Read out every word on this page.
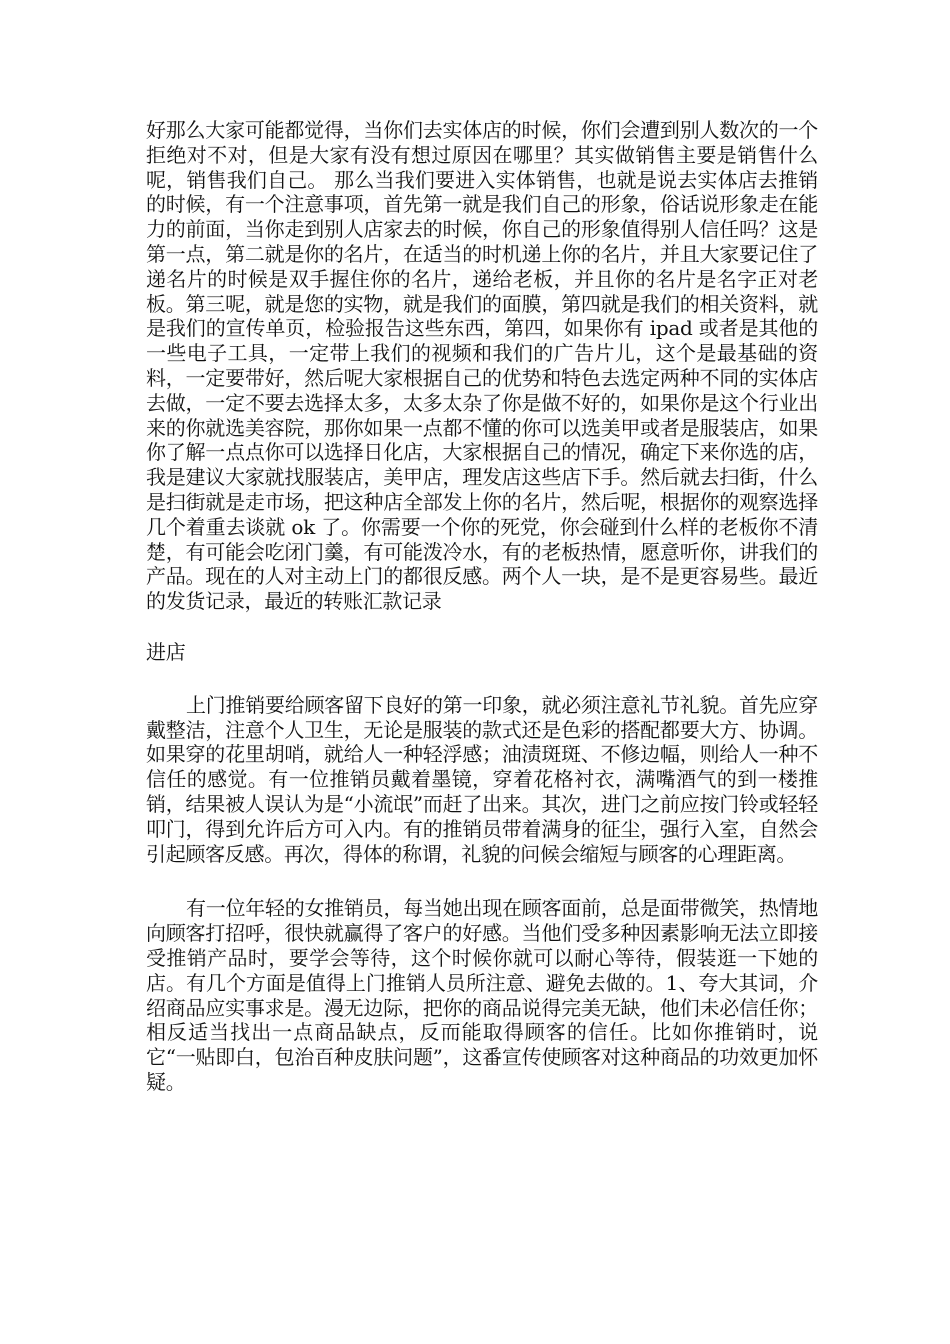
好那么大家可能都觉得，当你们去实体店的时候，你们会遭到别人数次的一个拒绝对不对，但是大家有没有想过原因在哪里？其实做销售主要是销售什么呢，销售我们自己。 那么当我们要进入实体销售，也就是说去实体店去推销的时候，有一个注意事项，首先第一就是我们自己的形象，俗话说形象走在能力的前面，当你走到别人店家去的时候，你自己的形象值得别人信任吗？这是第一点，第二就是你的名片，在适当的时机递上你的名片，并且大家要记住了递名片的时候是双手握住你的名片，递给老板，并且你的名片是名字正对老板。第三呢，就是您的实物，就是我们的面膜，第四就是我们的相关资料，就是我们的宣传单页，检验报告这些东西，第四，如果你有 ipad 或者是其他的一些电子工具，一定带上我们的视频和我们的广告片儿，这个是最基础的资料，一定要带好，然后呢大家根据自己的优势和特色去选定两种不同的实体店去做，一定不要去选择太多，太多太杂了你是做不好的，如果你是这个行业出来的你就选美容院，那你如果一点都不懂的你可以选美甲或者是服装店，如果你了解一点点你可以选择日化店，大家根据自己的情况，确定下来你选的店，我是建议大家就找服装店，美甲店，理发店这些店下手。然后就去扫街，什么是扫街就是走市场，把这种店全部发上你的名片，然后呢，根据你的观察选择几个着重去谈就 ok 了。你需要一个你的死党，你会碰到什么样的老板你不清楚，有可能会吃闭门羹，有可能泼冷水，有的老板热情，愿意听你，讲我们的产品。现在的人对主动上门的都很反感。两个人一块，是不是更容易些。最近的发货记录，最近的转账汇款记录

进店

上门推销要给顾客留下良好的第一印象，就必须注意礼节礼貌。首先应穿戴整洁，注意个人卫生，无论是服装的款式还是色彩的搭配都要大方、协调。如果穿的花里胡哨，就给人一种轻浮感；油渍斑斑、不修边幅，则给人一种不信任的感觉。有一位推销员戴着墨镜，穿着花格衬衣，满嘴酒气的到一楼推销，结果被人误认为是“小流氓”而赶了出来。其次，进门之前应按门铃或轻轻叩门，得到允许后方可入内。有的推销员带着满身的征尘，强行入室，自然会引起顾客反感。再次，得体的称谓，礼貌的问候会缩短与顾客的心理距离。

有一位年轻的女推销员，每当她出现在顾客面前，总是面带微笑，热情地向顾客打招呼，很快就赢得了客户的好感。当他们受多种因素影响无法立即接受推销产品时，要学会等待，这个时候你就可以耐心等待，假装逛一下她的店。有几个方面是值得上门推销人员所注意、避免去做的。1、夸大其词，介绍商品应实事求是。漫无边际，把你的商品说得完美无缺，他们未必信任你；相反适当找出一点商品缺点，反而能取得顾客的信任。比如你推销时，说它“一贴即白，包治百种皮肤问题”，这番宣传使顾客对这种商品的功效更加怀疑。
